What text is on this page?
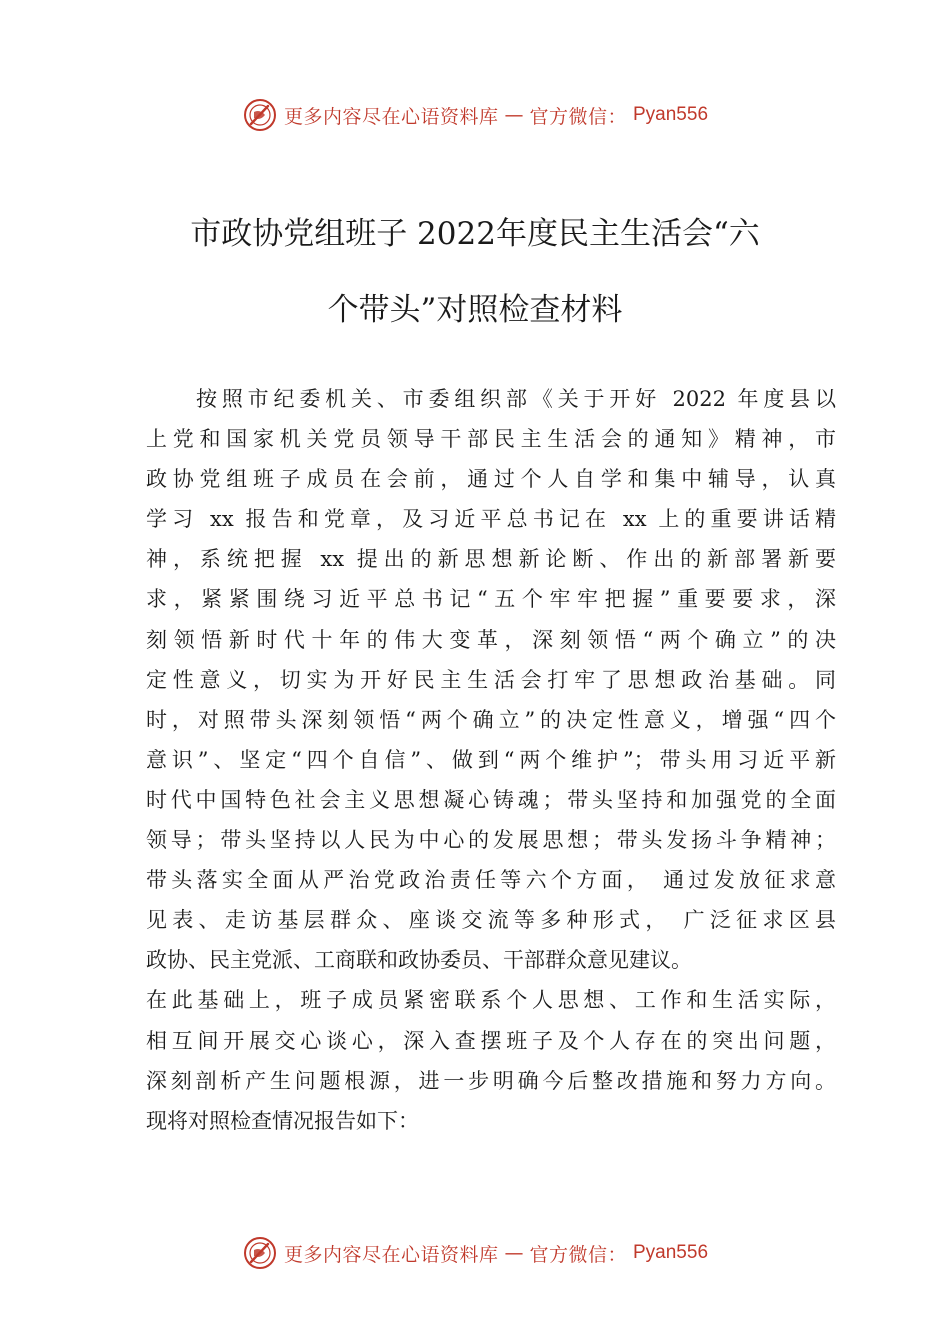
更多内容尽在心语资料库 — 官方微信： Pyan556
市政协党组班子 2022年度民主生活会“六
个带头”对照检查材料
按照市纪委机关、市委组织部《关于开好 2022 年度县以
上党和国家机关党员领导干部民主生活会的通知》精神，市
政协党组班子成员在会前，通过个人自学和集中辅导，认真
学习 xx 报告和党章，及习近平总书记在 xx 上的重要讲话精
神，系统把握 xx 提出的新思想新论断、作出的新部署新要
求，紧紧围绕习近平总书记“五个牢牢把握”重要要求，深
刻领悟新时代十年的伟大变革，深刻领悟“两个确立”的决
定性意义，切实为开好民主生活会打牢了思想政治基础。同
时，对照带头深刻领悟“两个确立”的决定性意义，增强“四个
意识”、坚定“四个自信”、做到“两个维护”；带头用习近平新
时代中国特色社会主义思想凝心铸魂；带头坚持和加强党的全面
领导；带头坚持以人民为中心的发展思想；带头发扬斗争精神；
带头落实全面从严治党政治责任等六个方面， 通过发放征求意
见表、走访基层群众、座谈交流等多种形式， 广泛征求区县
政协、民主党派、工商联和政协委员、干部群众意见建议。
在此基础上，班子成员紧密联系个人思想、工作和生活实际，
相互间开展交心谈心，深入查摆班子及个人存在的突出问题，
深刻剖析产生问题根源，进一步明确今后整改措施和努力方向。
现将对照检查情况报告如下：
更多内容尽在心语资料库 — 官方微信： Pyan556
